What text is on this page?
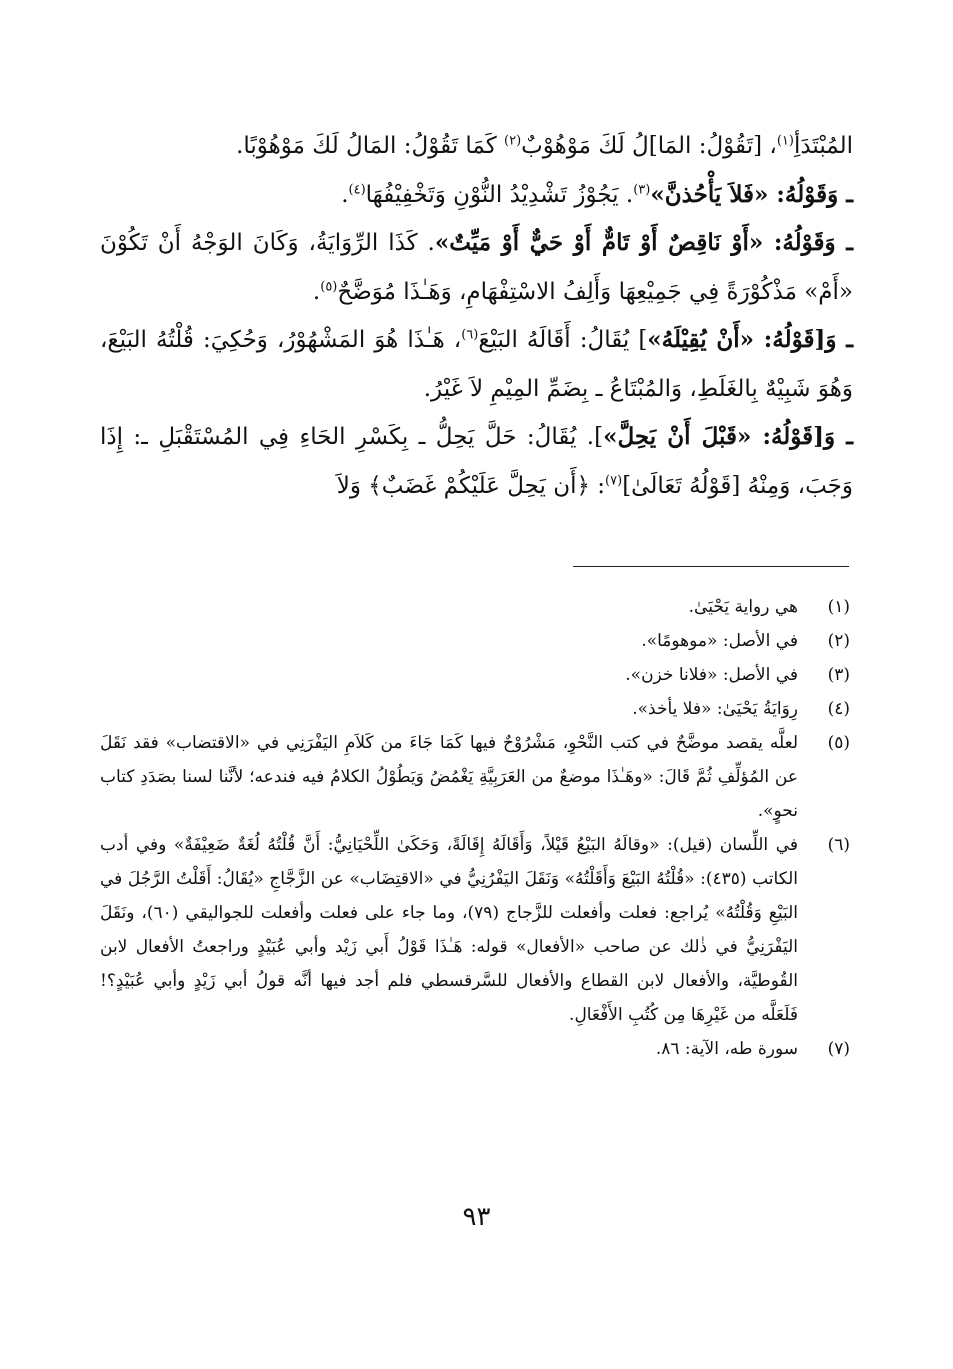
المُبْتَدَأِ$^{(١)}$، [تَقُوْلُ: المَا]لُ لَكَ مَوْهُوْبٌ$^{(٢)}$ كَمَا تَقُوْلُ: المَالُ لَكَ مَوْهُوْبًا.

ـ وَقَوْلُهُ: «فَلاَ يَأْحُذنَّ»$^{(٣)}$. يَجُوْزُ تَشْدِيْدُ النُّوْنِ وَتَخْفِيْفُهَا$^{(٤)}$.

ـ وَقَوْلُهُ: «أَوْ نَاقِصٌ أَوْ تَامٌّ أَوْ حَيٌّ أَوْ مَيِّتٌ». كَذَا الرِّوَايَةُ، وَكَانَ الوَجْهُ أَنْ تَكُوْنَ «أَمْ» مَذْكُوْرَةً فِي جَمِيْعِهَا وَأَلِفُ الاسْتِفْهَامِ، وَهَـٰذَا مُوَضَّحٌ$^{(٥)}$.

ـ وَ[قَوْلُهُ: «أَنْ يُقِيْلَهُ»] يُقَالُ: أَقَالَهُ البَيْعَ$^{(٦)}$، هَـٰذَا هُوَ المَشْهُوْرُ، وَحُكِيَ: قُلْتُهُ البَيْعَ، وَهُوَ شَبِيْهٌ بِالغَلَطِ، وَالمُبْتَاعُ ـ بِضَمِّ المِيْمِ لاَ غَيْرُ.

ـ وَ[قَوْلُهُ: «قَبْلَ أَنْ يَحِلَّ»]. يُقَالُ: حَلَّ يَحِلُّ ـ بِكَسْرِ الحَاءِ فِي المُسْتَقْبَلِ ـ: إِذَا وَجَبَ، وَمِنْهُ [قَوْلُهُ تَعَالَىٰ]$^{(٧)}$: ﴿أَن يَحِلَّ عَلَيْكُمْ غَضَبٌ﴾ وَلاَ

(١)
هي رواية يَحْيَىٰ.
(٢)
في الأصل: «موهومًا».
(٣)
في الأصل: «فلانا خزن».
(٤)
رِوَايَةُ يَحْيَىٰ: «فلا يأخذ».
(٥)
لعلَّه يقصد موضَّحٌ في كتب النَّحْوِ، مَشْرُوْحٌ فيها كَمَا جَاءَ من كَلاَمِ اليَفْرَنِي في «الاقتضاب» فقد نَقَلَ عن المُؤلِّفِ ثُمَّ قَالَ: «وهَـٰذَا موضعٌ من العَرَبِيَّةِ يَغْمُضُ وَيَطُوْلُ الكلامُ فيه فندعه؛ لأنَّنا لسنا بصَدَدِ كتاب نحوٍ».
(٦)
في اللِّسان (قيل): «وقالَهُ البَيْعُ قَيْلاً، وَأَقَالَهُ إِقَالَةً، وَحَكَىٰ اللِّحْيَانِيُّ: أَنَّ قُلْتُهُ لُغَةٌ ضَعِيْفَةٌ» وفي أدب الكاتب (٤٣٥): «قُلْتُهُ البَيْعَ وَأَقَلْتُهُ» وَنَقَلَ اليَفْرُنِيُّ في «الاقتِضَاب» عن الزَّجَّاجِ «يُقَالُ: أَقَلْتُ الرَّجُلَ في البَيْعِ وَقُلْتُهُ» يُراجع: فعلت وأفعلت للزَّجاج (٧٩)، وما جاء على فعلت وأفعلت للجواليقي (٦٠)، ونَقَلَ اليَفْرَنِيُّ في ذٰلك عن صاحب «الأفعال» قوله: هَـٰذَا قَوْلُ أَبي زَيْد وأبي عُبَيْدٍ وراجعتُ الأفعال لابن القُوطيَّة، والأفعال لابن القطاع والأفعال للسَّرقسطي فلم أجد فيها أنَّه قولُ أبي زَيْدٍ وأبي عُبَيْدٍ؟! فَلَعَلَّه من غَيْرِهَا مِن كُتُبِ الأَفْعَالِ.
(٧)
سورة طه، الآية: ٨٦.
٩٣
